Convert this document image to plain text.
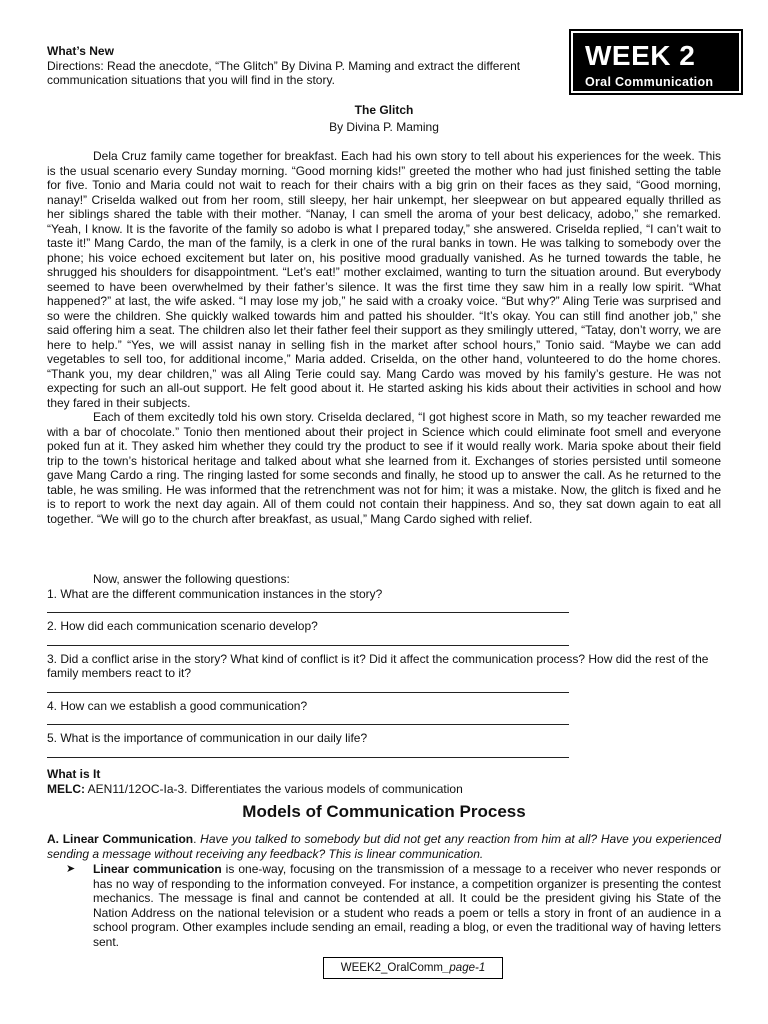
What’s New
Directions: Read the anecdote, “The Glitch” By Divina P. Maming and extract the different communication situations that you will find in the story.
WEEK 2
Oral Communication
The Glitch
By Divina P. Maming

Dela Cruz family came together for breakfast. Each had his own story to tell about his experiences for the week. This is the usual scenario every Sunday morning. “Good morning kids!” greeted the mother who had just finished setting the table for five. Tonio and Maria could not wait to reach for their chairs with a big grin on their faces as they said, “Good morning, nanay!” Criselda walked out from her room, still sleepy, her hair unkempt, her sleepwear on but appeared equally thrilled as her siblings shared the table with their mother. “Nanay, I can smell the aroma of your best delicacy, adobo,” she remarked. “Yeah, I know. It is the favorite of the family so adobo is what I prepared today,” she answered. Criselda replied, “I can’t wait to taste it!” Mang Cardo, the man of the family, is a clerk in one of the rural banks in town. He was talking to somebody over the phone; his voice echoed excitement but later on, his positive mood gradually vanished. As he turned towards the table, he shrugged his shoulders for disappointment. “Let’s eat!” mother exclaimed, wanting to turn the situation around. But everybody seemed to have been overwhelmed by their father’s silence. It was the first time they saw him in a really low spirit. “What happened?” at last, the wife asked. “I may lose my job,” he said with a croaky voice. “But why?” Aling Terie was surprised and so were the children. She quickly walked towards him and patted his shoulder. “It’s okay. You can still find another job,” she said offering him a seat. The children also let their father feel their support as they smilingly uttered, “Tatay, don’t worry, we are here to help.” “Yes, we will assist nanay in selling fish in the market after school hours,” Tonio said. “Maybe we can add vegetables to sell too, for additional income,” Maria added. Criselda, on the other hand, volunteered to do the home chores. “Thank you, my dear children,” was all Aling Terie could say. Mang Cardo was moved by his family’s gesture. He was not expecting for such an all-out support. He felt good about it. He started asking his kids about their activities in school and how they fared in their subjects.

Each of them excitedly told his own story. Criselda declared, “I got highest score in Math, so my teacher rewarded me with a bar of chocolate.” Tonio then mentioned about their project in Science which could eliminate foot smell and everyone poked fun at it. They asked him whether they could try the product to see if it would really work. Maria spoke about their field trip to the town’s historical heritage and talked about what she learned from it. Exchanges of stories persisted until someone gave Mang Cardo a ring. The ringing lasted for some seconds and finally, he stood up to answer the call. As he returned to the table, he was smiling. He was informed that the retrenchment was not for him; it was a mistake. Now, the glitch is fixed and he is to report to work the next day again. All of them could not contain their happiness. And so, they sat down again to eat all together. “We will go to the church after breakfast, as usual,” Mang Cardo sighed with relief.

Now, answer the following questions:

1. What are the different communication instances in the story?

2. How did each communication scenario develop?

3. Did a conflict arise in the story? What kind of conflict is it? Did it affect the communication process? How did the rest of the family members react to it?

4. How can we establish a good communication?

5. What is the importance of communication in our daily life?

What is It
MELC: AEN11/12OC-Ia-3. Differentiates the various models of communication
Models of Communication Process
A. Linear Communication. Have you talked to somebody but did not get any reaction from him at all? Have you experienced sending a message without receiving any feedback? This is linear communication.
➤ Linear communication is one-way, focusing on the transmission of a message to a receiver who never responds or has no way of responding to the information conveyed. For instance, a competition organizer is presenting the contest mechanics. The message is final and cannot be contended at all. It could be the president giving his State of the Nation Address on the national television or a student who reads a poem or tells a story in front of an audience in a school program. Other examples include sending an email, reading a blog, or even the traditional way of having letters sent.
WEEK2_OralComm_page-1
